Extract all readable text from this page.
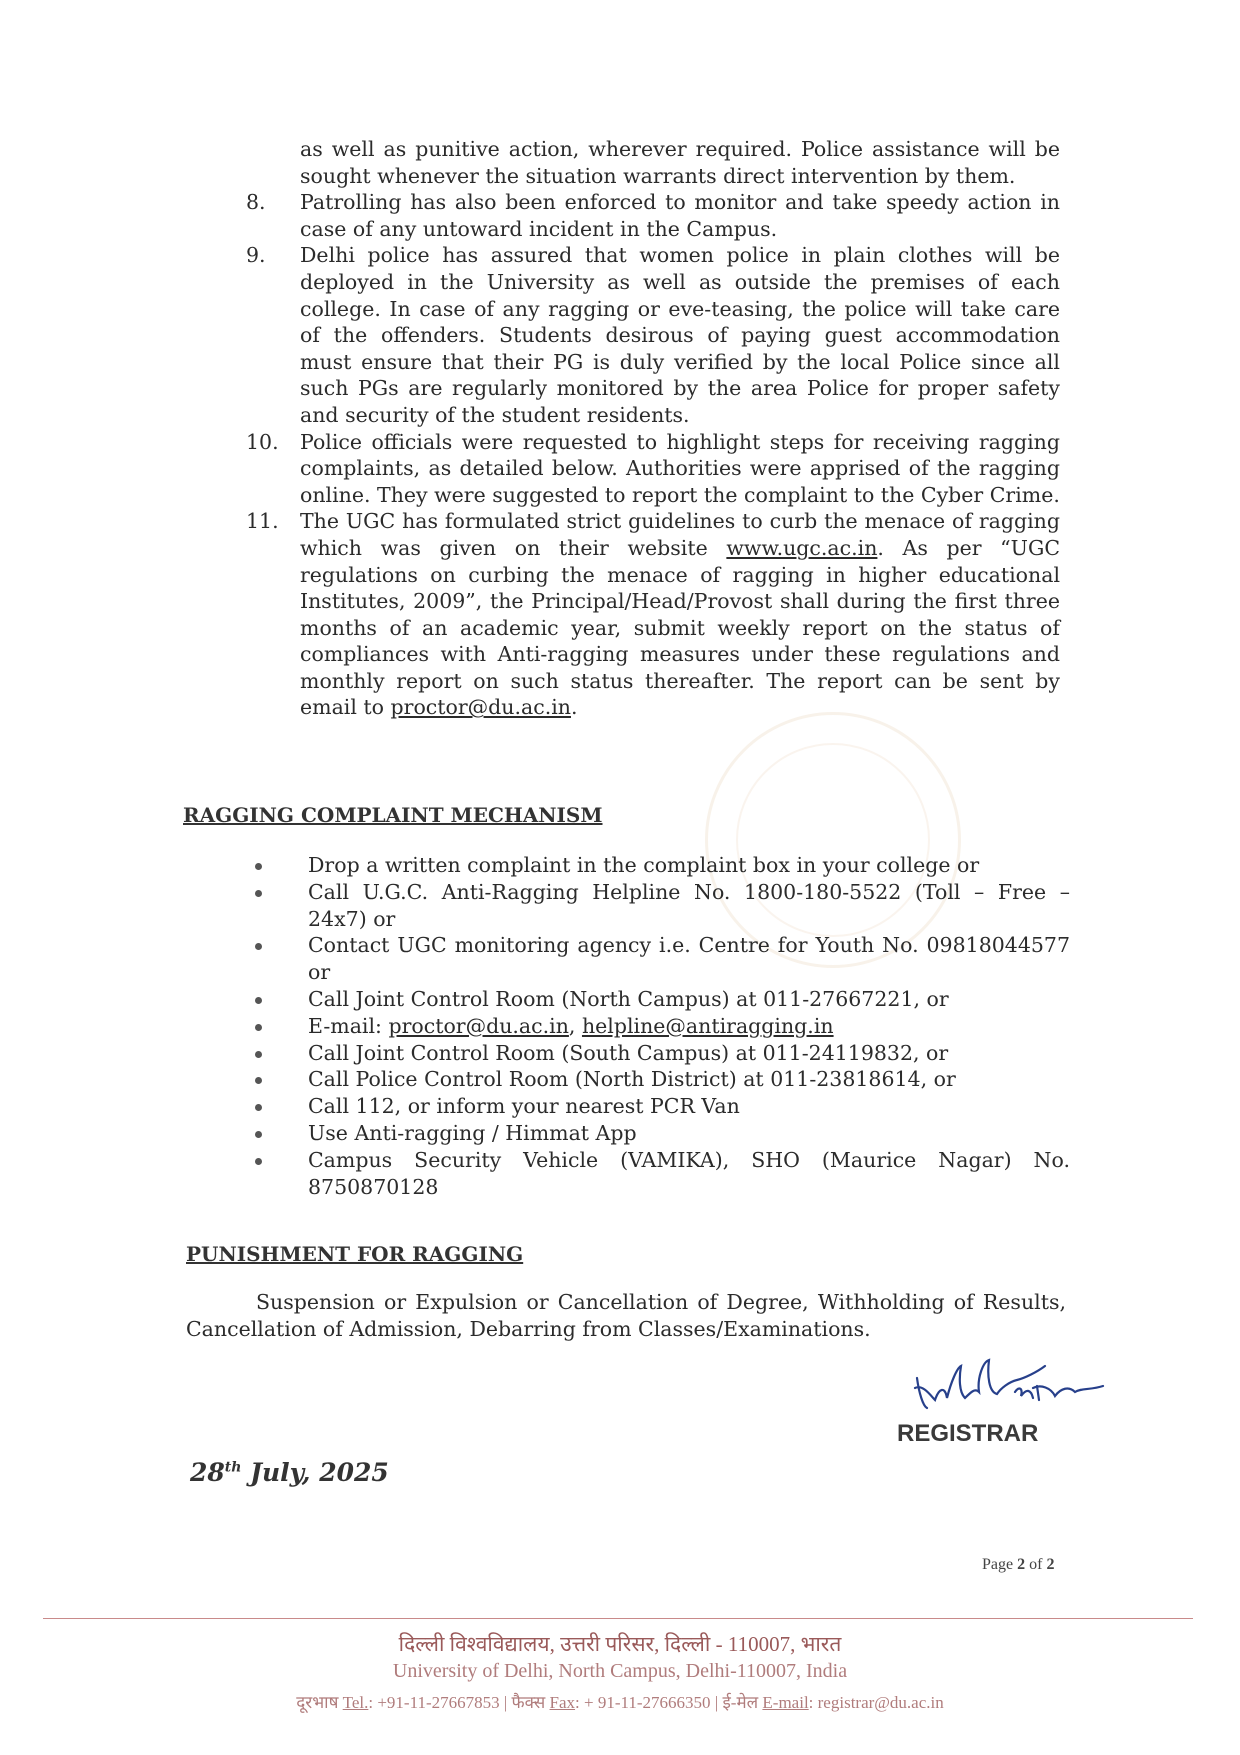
as well as punitive action, wherever required. Police assistance will be sought whenever the situation warrants direct intervention by them.
8. Patrolling has also been enforced to monitor and take speedy action in case of any untoward incident in the Campus.
9. Delhi police has assured that women police in plain clothes will be deployed in the University as well as outside the premises of each college. In case of any ragging or eve-teasing, the police will take care of the offenders. Students desirous of paying guest accommodation must ensure that their PG is duly verified by the local Police since all such PGs are regularly monitored by the area Police for proper safety and security of the student residents.
10. Police officials were requested to highlight steps for receiving ragging complaints, as detailed below. Authorities were apprised of the ragging online. They were suggested to report the complaint to the Cyber Crime.
11. The UGC has formulated strict guidelines to curb the menace of ragging which was given on their website www.ugc.ac.in. As per “UGC regulations on curbing the menace of ragging in higher educational Institutes, 2009”, the Principal/Head/Provost shall during the first three months of an academic year, submit weekly report on the status of compliances with Anti-ragging measures under these regulations and monthly report on such status thereafter. The report can be sent by email to proctor@du.ac.in.
RAGGING COMPLAINT MECHANISM
Drop a written complaint in the complaint box in your college or
Call U.G.C. Anti-Ragging Helpline No. 1800-180-5522 (Toll – Free – 24x7) or
Contact UGC monitoring agency i.e. Centre for Youth No. 09818044577 or
Call Joint Control Room (North Campus) at 011-27667221, or
E-mail: proctor@du.ac.in, helpline@antiragging.in
Call Joint Control Room (South Campus) at 011-24119832, or
Call Police Control Room (North District) at 011-23818614, or
Call 112, or inform your nearest PCR Van
Use Anti-ragging / Himmat App
Campus Security Vehicle (VAMIKA), SHO (Maurice Nagar) No. 8750870128
PUNISHMENT FOR RAGGING
Suspension or Expulsion or Cancellation of Degree, Withholding of Results, Cancellation of Admission, Debarring from Classes/Examinations.
REGISTRAR
28th July, 2025
Page 2 of 2
दिल्ली विश्वविद्यालय, उत्तरी परिसर, दिल्ली - 110007, भारत
University of Delhi, North Campus, Delhi-110007, India
दूरभाष Tel.: +91-11-27667853 | फैक्स Fax: + 91-11-27666350 | ई-मेल E-mail: registrar@du.ac.in
